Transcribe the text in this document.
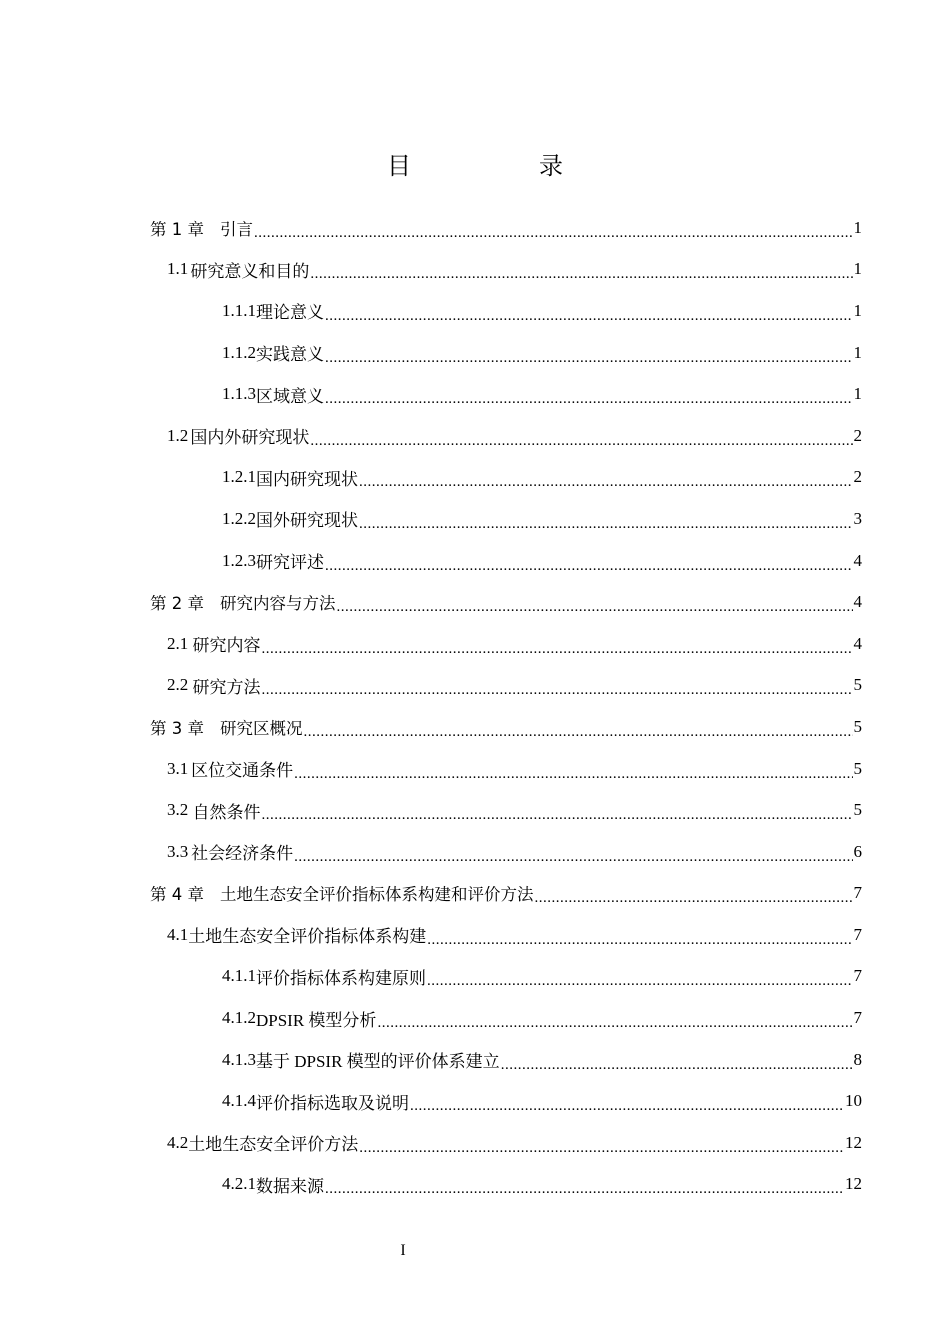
目　录
第 1 章 引言 .....	1
1.1 研究意义和目的 .....	1
1.1.1 理论意义 .....	1
1.1.2 实践意义 .....	1
1.1.3 区域意义 .....	1
1.2 国内外研究现状 .....	2
1.2.1 国内研究现状 .....	2
1.2.2 国外研究现状 .....	3
1.2.3 研究评述 .....	4
第 2 章 研究内容与方法 .....	4
2.1 研究内容 .....	4
2.2 研究方法 .....	5
第 3 章 研究区概况 .....	5
3.1 区位交通条件 .....	5
3.2 自然条件 .....	5
3.3 社会经济条件 .....	6
第 4 章 土地生态安全评价指标体系构建和评价方法 .....	7
4.1 土地生态安全评价指标体系构建 .....	7
4.1.1 评价指标体系构建原则 .....	7
4.1.2 DPSIR 模型分析 .....	7
4.1.3 基于 DPSIR 模型的评价体系建立 .....	8
4.1.4 评价指标选取及说明 .....	10
4.2 土地生态安全评价方法 .....	12
4.2.1 数据来源 .....	12
I
